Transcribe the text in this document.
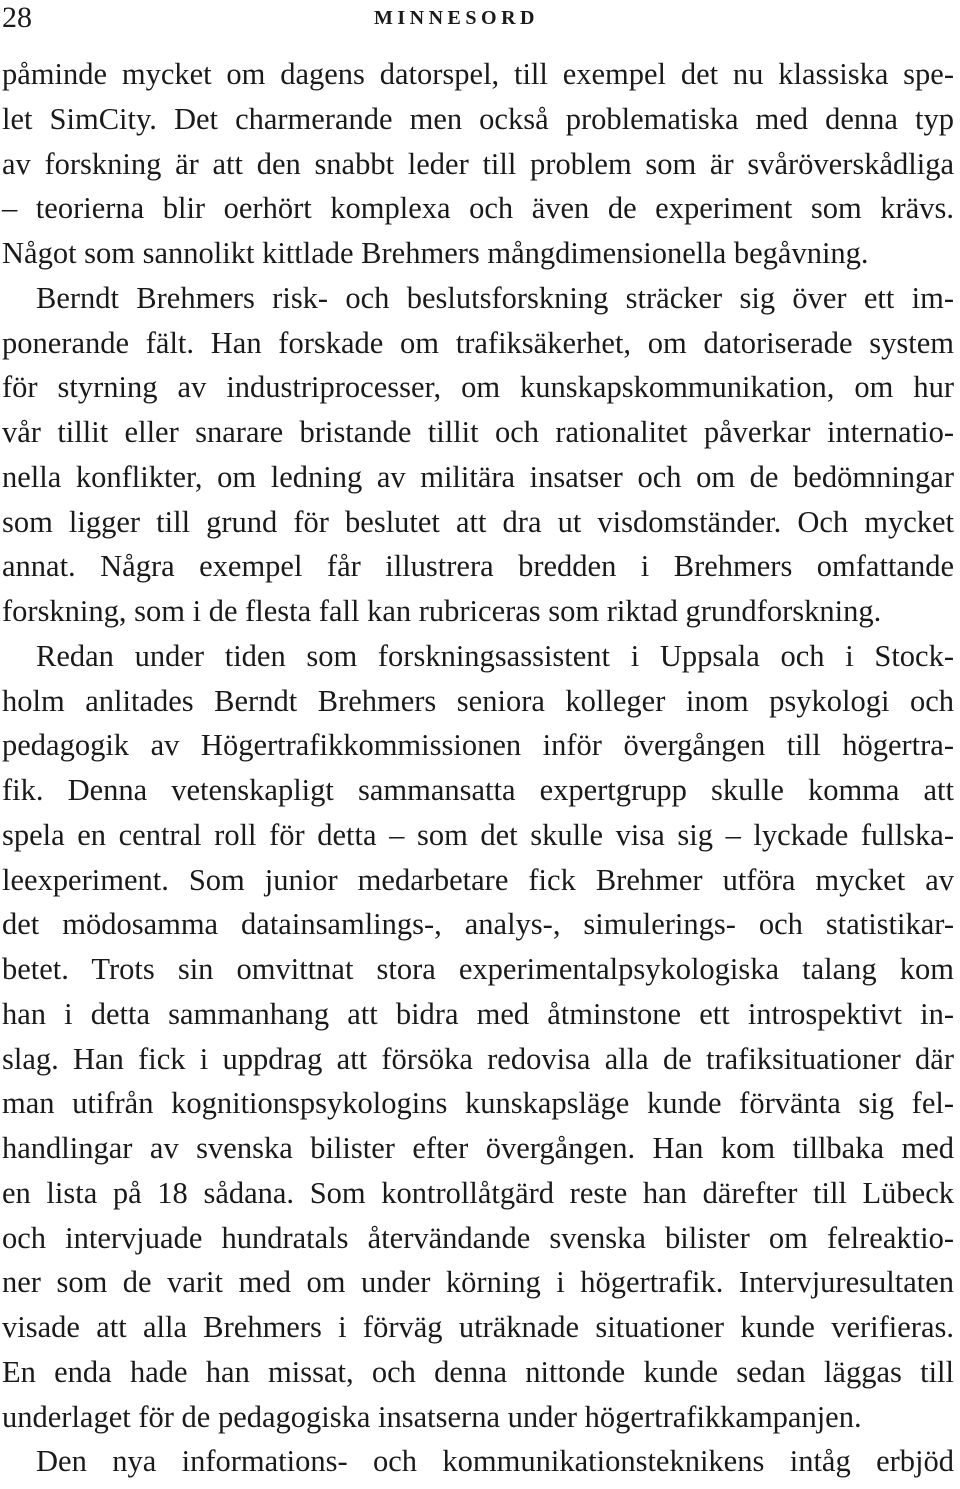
28	MINNESORD
påminde mycket om dagens datorspel, till exempel det nu klassiska spe-
let SimCity. Det charmerande men också problematiska med denna typ
av forskning är att den snabbt leder till problem som är svåröverskådliga
– teorierna blir oerhört komplexa och även de experiment som krävs.
Något som sannolikt kittlade Brehmers mångdimensionella begåvning.
Berndt Brehmers risk- och beslutsforskning sträcker sig över ett im-
ponerande fält. Han forskade om trafiksäkerhet, om datoriserade system
för styrning av industriprocesser, om kunskapskommunikation, om hur
vår tillit eller snarare bristande tillit och rationalitet påverkar internatio-
nella konflikter, om ledning av militära insatser och om de bedömningar
som ligger till grund för beslutet att dra ut visdomständer. Och mycket
annat. Några exempel får illustrera bredden i Brehmers omfattande
forskning, som i de flesta fall kan rubriceras som riktad grundforskning.
Redan under tiden som forskningsassistent i Uppsala och i Stock-
holm anlitades Berndt Brehmers seniora kolleger inom psykologi och
pedagogik av Högertrafikkommissionen inför övergången till högertra-
fik. Denna vetenskapligt sammansatta expertgrupp skulle komma att
spela en central roll för detta – som det skulle visa sig – lyckade fullska-
leexperiment. Som junior medarbetare fick Brehmer utföra mycket av
det mödosamma datainsamlings-, analys-, simulerings- och statistikar-
betet. Trots sin omvittnat stora experimentalpsykologiska talang kom
han i detta sammanhang att bidra med åtminstone ett introspektivt in-
slag. Han fick i uppdrag att försöka redovisa alla de trafiksituationer där
man utifrån kognitionspsykologins kunskapsläge kunde förvänta sig fel-
handlingar av svenska bilister efter övergången. Han kom tillbaka med
en lista på 18 sådana. Som kontrollåtgärd reste han därefter till Lübeck
och intervjuade hundratals återvändande svenska bilister om felreaktio-
ner som de varit med om under körning i högertrafik. Intervjuresultaten
visade att alla Brehmers i förväg uträknade situationer kunde verifieras.
En enda hade han missat, och denna nittonde kunde sedan läggas till
underlaget för de pedagogiska insatserna under högertrafikkampanjen.
Den nya informations- och kommunikationsteknikens intåg erbjöd
